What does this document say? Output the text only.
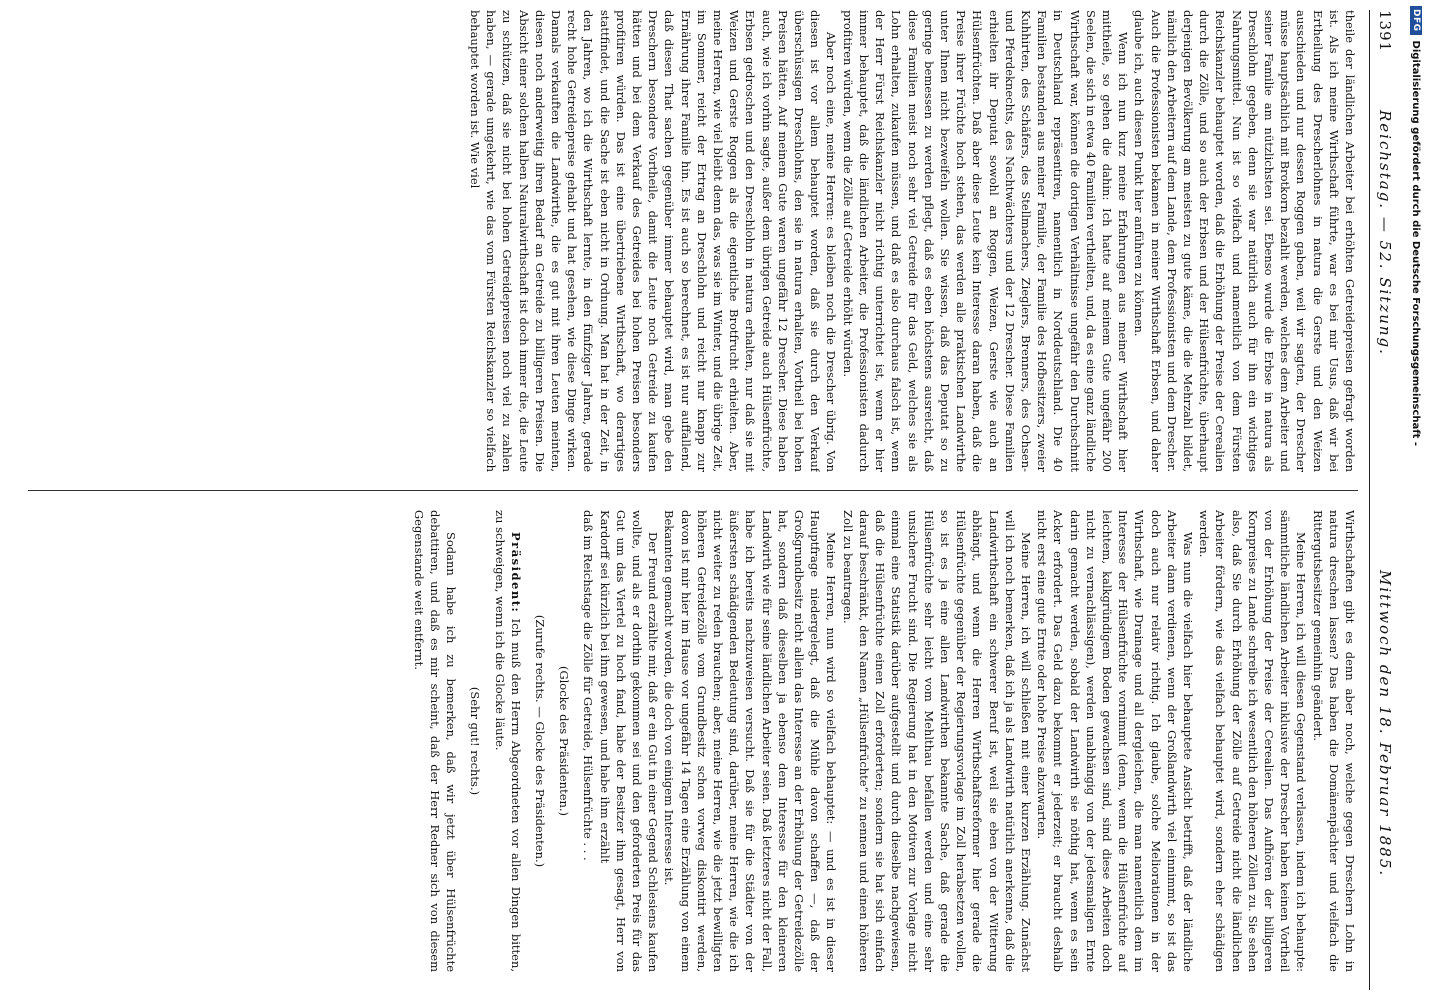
1391
Reichstag. — 52. Sitzung.
Mittwoch den 18. Februar 1885.

theile der ländlichen Arbeiter bei erhöhten Getreidepreisen gefragt worden ist. Als ich meine Wirthschaft führte, war es bei mir Usus, daß wir bei Ertheilung des Drescherlohnes in natura die Gerste und den Weizen ausschieden und nur dessen Roggen gaben, weil wir sagten, der Drescher müsse hauptsächlich mit Brotkorn bezahlt werden, welches dem Arbeiter und seiner Familie am nützlichsten sei. Ebenso wurde die Erbse in natura als Dreschlohn gegeben, denn sie war natürlich auch für ihn ein wichtiges Nahrungsmittel. Nun ist so vielfach und namentlich von dem Fürsten Reichskanzler behauptet worden, daß die Erhöhung der Preise der Cerealien durch die Zölle, und so auch der Erbsen und der Hülsenfrüchte, überhaupt derjenigen Bevölkerung am meisten zu gute käme, die die Mehrzahl bildet, nämlich den Arbeitern auf dem Lande, dem Professionisten und dem Drescher. Auch die Professionisten bekamen in meiner Wirthschaft Erbsen, und daher glaube ich, auch diesen Punkt hier anführen zu können.

Wenn ich nun kurz meine Erfahrungen aus meiner Wirthschaft hier mittheile, so gehen die dahin: Ich hatte auf meinem Gute ungefähr 200 Seelen, die sich in etwa 40 Familien vertheilten, und, da es eine ganz ländliche Wirthschaft war, können die dortigen Verhältnisse ungefähr den Durchschnitt in Deutschland repräsentiren, namentlich in Norddeutschland. Die 40 Familien bestanden aus meiner Familie, der Familie des Hofbesitzers, zweier Kuhhirten, des Schäfers, des Stellmachers, Zieglers, Brenners, des Ochsen- und Pferdeknechts, des Nachtwächters und der 12 Drescher. Diese Familien erhielten ihr Deputat sowohl an Roggen, Weizen, Gerste wie auch an Hülsenfrüchten. Daß aber diese Leute kein Interesse daran haben, daß die Preise ihrer Früchte hoch stehen, das werden alle praktischen Landwirthe unter Ihnen nicht bezweifeln wollen. Sie wissen, daß das Deputat so zu geringe bemessen zu werden pflegt, daß es eben höchstens ausreicht, daß diese Familien meist noch sehr viel Getreide für das Geld, welches sie als Lohn erhalten, zukaufen müssen, und daß es also durchaus falsch ist, wenn der Herr Fürst Reichskanzler nicht richtig unterrichtet ist, wenn er hier immer behauptet, daß die ländlichen Arbeiter, die Professionisten dadurch profitiren würden, wenn die Zölle auf Getreide erhöht würden.

Aber noch eine, meine Herren: es bleiben noch die Drescher übrig. Von diesen ist vor allem behauptet worden, daß sie durch den Verkauf überschüssigen Dreschlohns, den sie in natura erhalten, Vortheil bei hohen Preisen hätten. Auf meinem Gute waren ungefähr 12 Drescher. Diese haben auch, wie ich vorhin sagte, außer dem übrigen Getreide auch Hülsenfrüchte, Erbsen gedroschen und den Dreschlohn in natura erhalten, nur daß sie mit Weizen und Gerste Roggen als die eigentliche Brotfrucht erhielten. Aber, meine Herren, wie viel bleibt denn das, was sie im Winter, und die übrige Zeit, im Sommer, reicht der Ertrag an Dreschlohn und reicht nur knapp zur Ernährung ihrer Familie hin. Es ist auch so berechnet, es ist nur auffallend, daß diesen That sachen gegenüber immer behauptet wird, man gebe den Dreschern besondere Vortheile, damit die Leute noch Getreide zu kaufen hätten und bei dem Verkauf des Getreides bei hohen Preisen besonders profitiren würden. Das ist eine übertriebene Wirthschaft, wo derartiges stattfindet, und die Sache ist eben nicht in Ordnung. Man hat in der Zeit, in den Jahren, wo ich die Wirthschaft lernte, in den fünfziger Jahren, gerade recht hohe Getreidepreise gehabt und hat gesehen, wie diese Dinge wirken. Damals verkauften die Landwirthe, die es gut mit ihren Leuten meinten, diesen noch anderweitig ihren Bedarf an Getreide zu billigeren Preisen. Die Absicht einer solchen halben Naturalwirthschaft ist doch immer die, die Leute zu schützen, daß sie nicht bei hohen Getreidepreisen noch viel zu zahlen haben, — gerade umgekehrt, wie das vom Fürsten Reichskanzler so vielfach behauptet worden ist. Wie viel

Wirthschaften gibt es denn aber noch, welche gegen Dreschern Lohn in natura dreschen lassen? Das haben die Domänenpächter und vielfach die Rittergutsbesitzer gemeinhin geändert.

Meine Herren, ich will diesen Gegenstand verlassen, indem ich behaupte: sämmtliche ländlichen Arbeiter inklusive der Drescher haben keinen Vortheil von der Erhöhung der Preise der Cerealien. Das Aufhören der billigeren Kornpreise zu Lande schreibe ich wesentlich den höheren Zöllen zu. Sie sehen also, daß Sie durch Erhöhung der Zölle auf Getreide nicht die ländlichen Arbeiter fördern, wie das vielfach behauptet wird, sondern eher schädigen werden.

Was nun die vielfach hier behauptete Ansicht betrifft, daß der ländliche Arbeiter dann verdienen, wenn der Großlandwirth viel einnimmt, so ist das doch auch nur relativ richtig. Ich glaube, solche Meliorationen in der Wirthschaft, wie Drainage und all dergleichen, die man namentlich dem im Interesse der Hülsenfrüchte vornimmt (denn, wenn die Hülsenfrüchte auf leichtem, kalkgründigem Boden gewachsen sind, sind diese Arbeiten doch nicht zu vernachlässigen), werden unabhängig von der jedesmaligen Ernte darin gemacht werden, sobald der Landwirth sie nöthig hat, wenn es sein Acker erfordert. Das Geld dazu bekommt er jederzeit; er braucht deshalb nicht erst eine gute Ernte oder hohe Preise abzuwarten.

Meine Herren, ich will schließen mit einer kurzen Erzählung. Zunächst will ich noch bemerken, daß ich ja als Landwirth natürlich anerkenne, daß die Landwirthschaft ein schwerer Beruf ist, weil sie eben von der Witterung abhängt, und wenn die Herren Wirthschaftsreformer hier gerade die Hülsenfrüchte gegenüber der Regierungsvorlage im Zoll herabsetzen wollen, so ist es ja eine allen Landwirthen bekannte Sache, daß gerade die Hülsenfrüchte sehr leicht vom Mehlthau befallen werden und eine sehr unsichere Frucht sind. Die Regierung hat in den Motiven zur Vorlage nicht einmal eine Statistik darüber aufgestellt und durch dieselbe nachgewiesen, daß die Hülsenfrüchte einen Zoll erforderten; sondern sie hat sich einfach darauf beschränkt, den Namen „Hülsenfrüchte“ zu nennen und einen höheren Zoll zu beantragen.

Meine Herren, nun wird so vielfach behauptet: — und es ist in dieser Hauptfrage niedergelegt, daß die Mühle davon schaffen —, daß der Großgrundbesitz nicht allein das Interesse an der Erhöhung der Getreidezölle hat, sondern daß dieselben ja ebenso dem Interesse für den kleineren Landwirth wie für seine ländlichen Arbeiter seien. Daß letzteres nicht der Fall, habe ich bereits nachzuweisen versucht. Daß sie für die Städter von der äußersten schädigenden Bedeutung sind, darüber, meine Herren, wie die ich nicht weiter zu reden brauchen; aber, meine Herren, wie die jetzt bewilligten höheren Getreidezölle vom Grundbesitz schon vorweg diskontirt werden, davon ist mir hier im Hause vor ungefähr 14 Tagen eine Erzählung von einem Bekannten gemacht worden, die doch von einigem Interesse ist.

Der Freund erzählte mir, daß er ein Gut in einer Gegend Schlesiens kaufen wollte, und als er dorthin gekommen sei und den geforderten Preis für das Gut um das Viertel zu hoch fand, habe der Besitzer ihm gesagt, Herr von Kardorff sei kürzlich bei ihm gewesen, und habe ihm erzählt

daß im Reichstage die Zölle für Getreide, Hülsenfrüchte . . .

(Glocke des Präsidenten.)

(Zurufe rechts. — Glocke des Präsidenten.)

Präsident: Ich muß den Herrn Abgeordneten vor allen Dingen bitten, zu schweigen, wenn ich die Glocke läute.

(Sehr gut! rechts.)

Sodann habe ich zu bemerken, daß wir jetzt über Hülsenfrüchte debattiren, und daß es mir scheint, daß der Herr Redner sich von diesem Gegenstande weit entfernt.

DFG
Digitalisierung gefördert durch die Deutsche Forschungsgemeinschaft -
